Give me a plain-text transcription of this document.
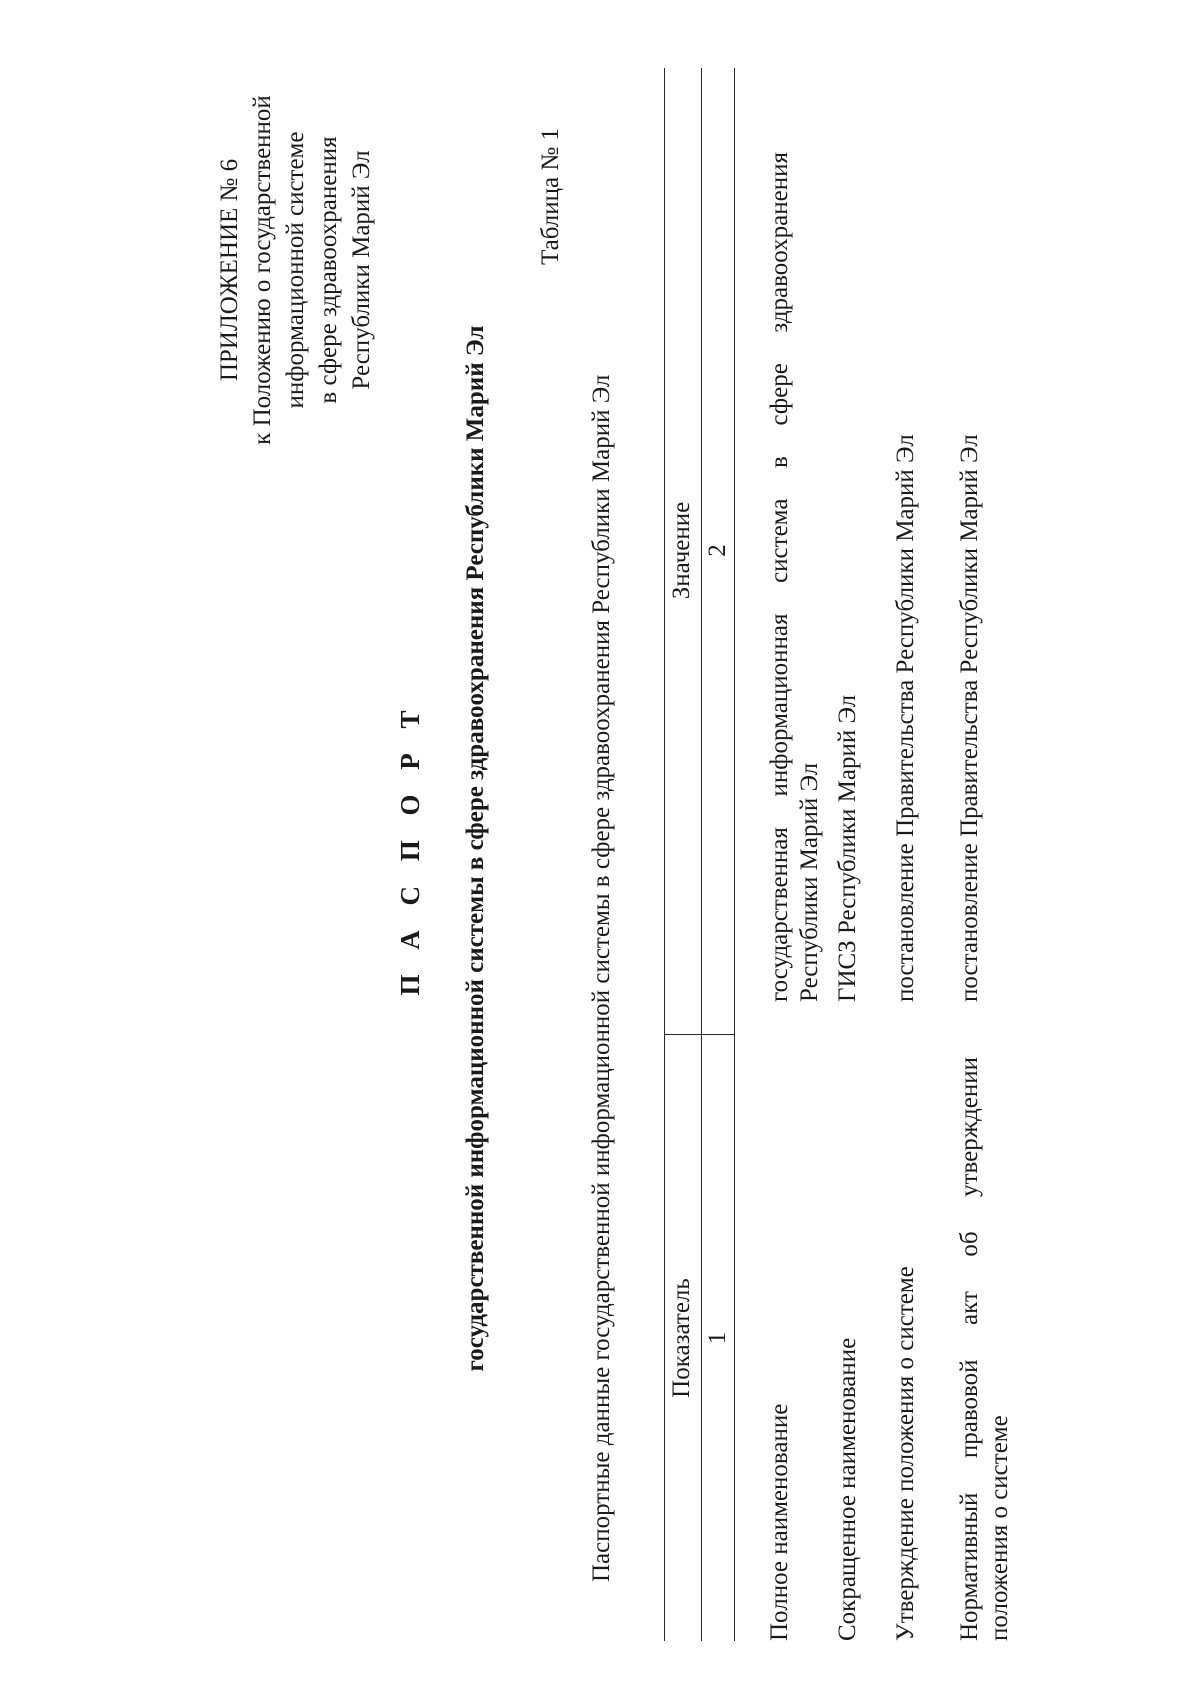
ПРИЛОЖЕНИЕ № 6 к Положению о государственной информационной системе в сфере здравоохранения Республики Марий Эл
П А С П О Р Т государственной информационной системы в сфере здравоохранения Республики Марий Эл
Таблица № 1
Паспортные данные государственной информационной системы в сфере здравоохранения Республики Марий Эл Показатель
Значение
1
2
Полное наименование
государственная информационная система в сфере здравоохранения Республики Марий Эл
Сокращенное наименование
ГИСЗ Республики Марий Эл
Утверждение положения о системе
постановление Правительства Республики Марий Эл
Нормативный правовой акт об утверждении положения о системе
постановление Правительства Республики Марий Эл
